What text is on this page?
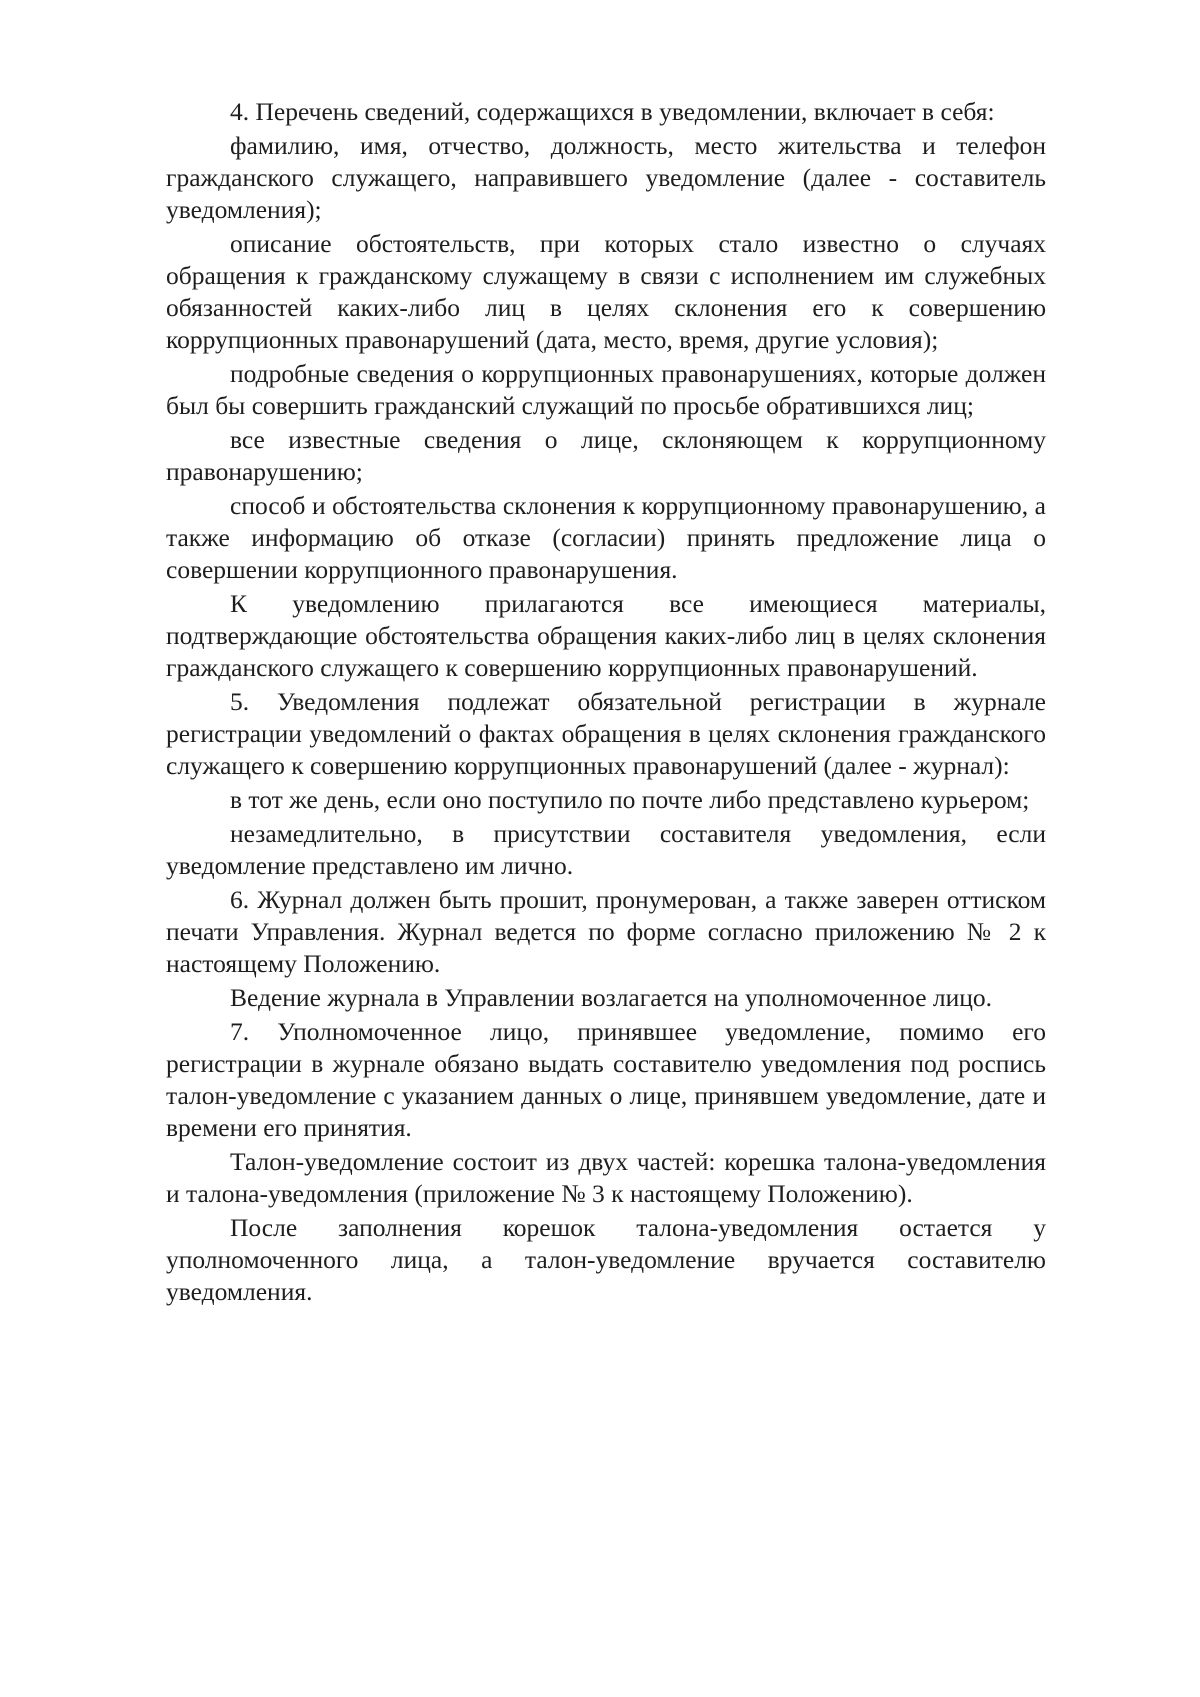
4. Перечень сведений, содержащихся в уведомлении, включает в себя:

фамилию, имя, отчество, должность, место жительства и телефон гражданского служащего, направившего уведомление (далее - составитель уведомления);

описание обстоятельств, при которых стало известно о случаях обращения к гражданскому служащему в связи с исполнением им служебных обязанностей каких-либо лиц в целях склонения его к совершению коррупционных правонарушений (дата, место, время, другие условия);

подробные сведения о коррупционных правонарушениях, которые должен был бы совершить гражданский служащий по просьбе обратившихся лиц;

все известные сведения о лице, склоняющем к коррупционному правонарушению;

способ и обстоятельства склонения к коррупционному правонарушению, а также информацию об отказе (согласии) принять предложение лица о совершении коррупционного правонарушения.

К уведомлению прилагаются все имеющиеся материалы, подтверждающие обстоятельства обращения каких-либо лиц в целях склонения гражданского служащего к совершению коррупционных правонарушений.

5. Уведомления подлежат обязательной регистрации в журнале регистрации уведомлений о фактах обращения в целях склонения гражданского служащего к совершению коррупционных правонарушений (далее - журнал):

в тот же день, если оно поступило по почте либо представлено курьером;

незамедлительно, в присутствии составителя уведомления, если уведомление представлено им лично.

6. Журнал должен быть прошит, пронумерован, а также заверен оттиском печати Управления. Журнал ведется по форме согласно приложению № 2 к настоящему Положению.

Ведение журнала в Управлении возлагается на уполномоченное лицо.

7. Уполномоченное лицо, принявшее уведомление, помимо его регистрации в журнале обязано выдать составителю уведомления под роспись талон-уведомление с указанием данных о лице, принявшем уведомление, дате и времени его принятия.

Талон-уведомление состоит из двух частей: корешка талона-уведомления и талона-уведомления (приложение № 3 к настоящему Положению).

После заполнения корешок талона-уведомления остается у уполномоченного лица, а талон-уведомление вручается составителю уведомления.
